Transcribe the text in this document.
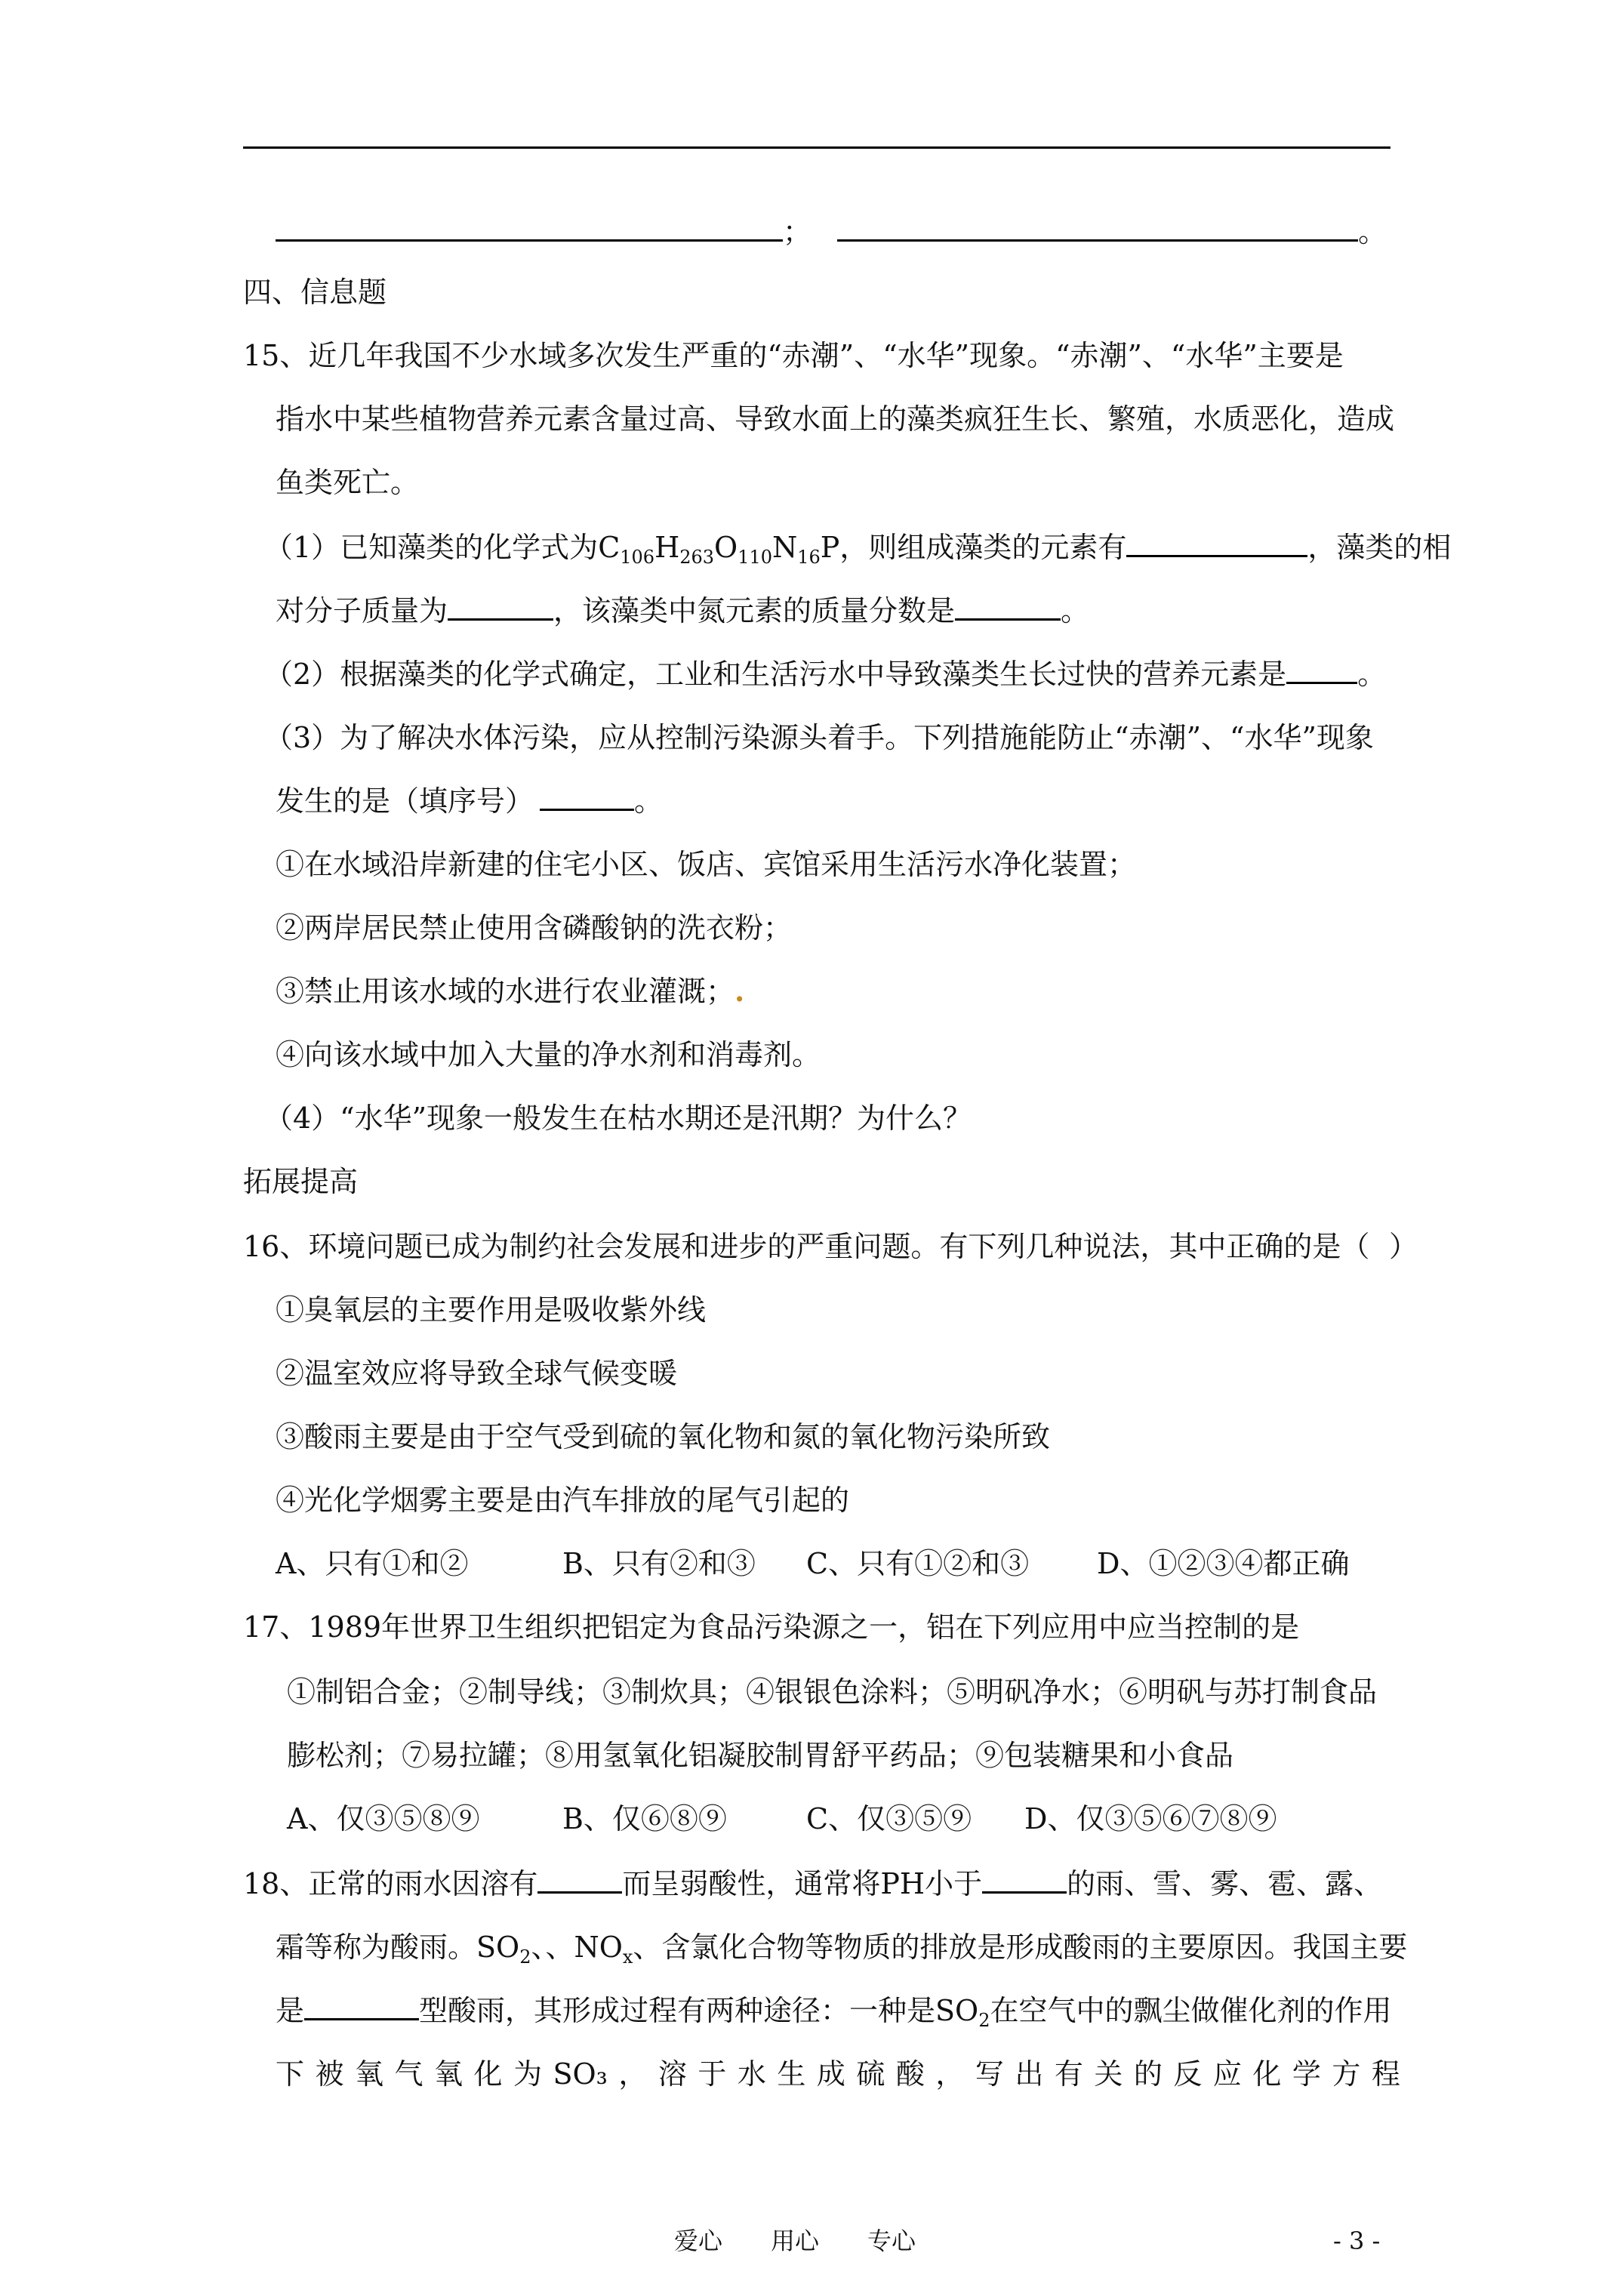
；	。
四、信息题
15、近几年我国不少水域多次发生严重的“赤潮”、“水华”现象。“赤潮”、“水华”主要是
指水中某些植物营养元素含量过高、导致水面上的藻类疯狂生长、繁殖，水质恶化，造成
鱼类死亡。
（1）已知藻类的化学式为$C_{106}H_{263}O_{110}N_{16}P$，则组成藻类的元素有	，藻类的相
对分子质量为	，该藻类中氮元素的质量分数是	。
（2）根据藻类的化学式确定，工业和生活污水中导致藻类生长过快的营养元素是 。
（3）为了解决水体污染，应从控制污染源头着手。下列措施能防止“赤潮”、“水华”现象
发生的是（填序号）	。
①在水域沿岸新建的住宅小区、饭店、宾馆采用生活污水净化装置；
②两岸居民禁止使用含磷酸钠的洗衣粉；
③禁止用该水域的水进行农业灌溉；.
④向该水域中加入大量的净水剂和消毒剂。
（4）“水华”现象一般发生在枯水期还是汛期？为什么？
拓展提高
16、环境问题已成为制约社会发展和进步的严重问题。有下列几种说法，其中正确的是（ ）
①臭氧层的主要作用是吸收紫外线
②温室效应将导致全球气候变暖
③酸雨主要是由于空气受到硫的氧化物和氮的氧化物污染所致
④光化学烟雾主要是由汽车排放的尾气引起的
A、只有①和②	B、只有②和③ C、只有①②和③ D、①②③④都正确
17、1989年世界卫生组织把铝定为食品污染源之一，铝在下列应用中应当控制的是
①制铝合金；②制导线；③制炊具；④银银色涂料；⑤明矾净水；⑥明矾与苏打制食品
膨松剂；⑦易拉罐；⑧用氢氧化铝凝胶制胃舒平药品；⑨包装糖果和小食品
A、仅③⑤⑧⑨	B、仅⑥⑧⑨	C、仅③⑤⑨ D、仅③⑤⑥⑦⑧⑨
18、正常的雨水因溶有	而呈弱酸性，通常将PH小于	的雨、雪、雾、雹、露、
霜等称为酸雨。$SO_2$、、$NO_x$、含氯化合物等物质的排放是形成酸雨的主要原因。我国主要
是	型酸雨，其形成过程有两种途径：一种是$SO_2$在空气中的飘尘做催化剂的作用
下 被 氧 气 氧 化 为 SO₃ ， 溶 于 水 生 成 硫 酸 ， 写 出 有 关 的 反 应 化 学 方 程
爱心　　用心　　专心	- 3 -
